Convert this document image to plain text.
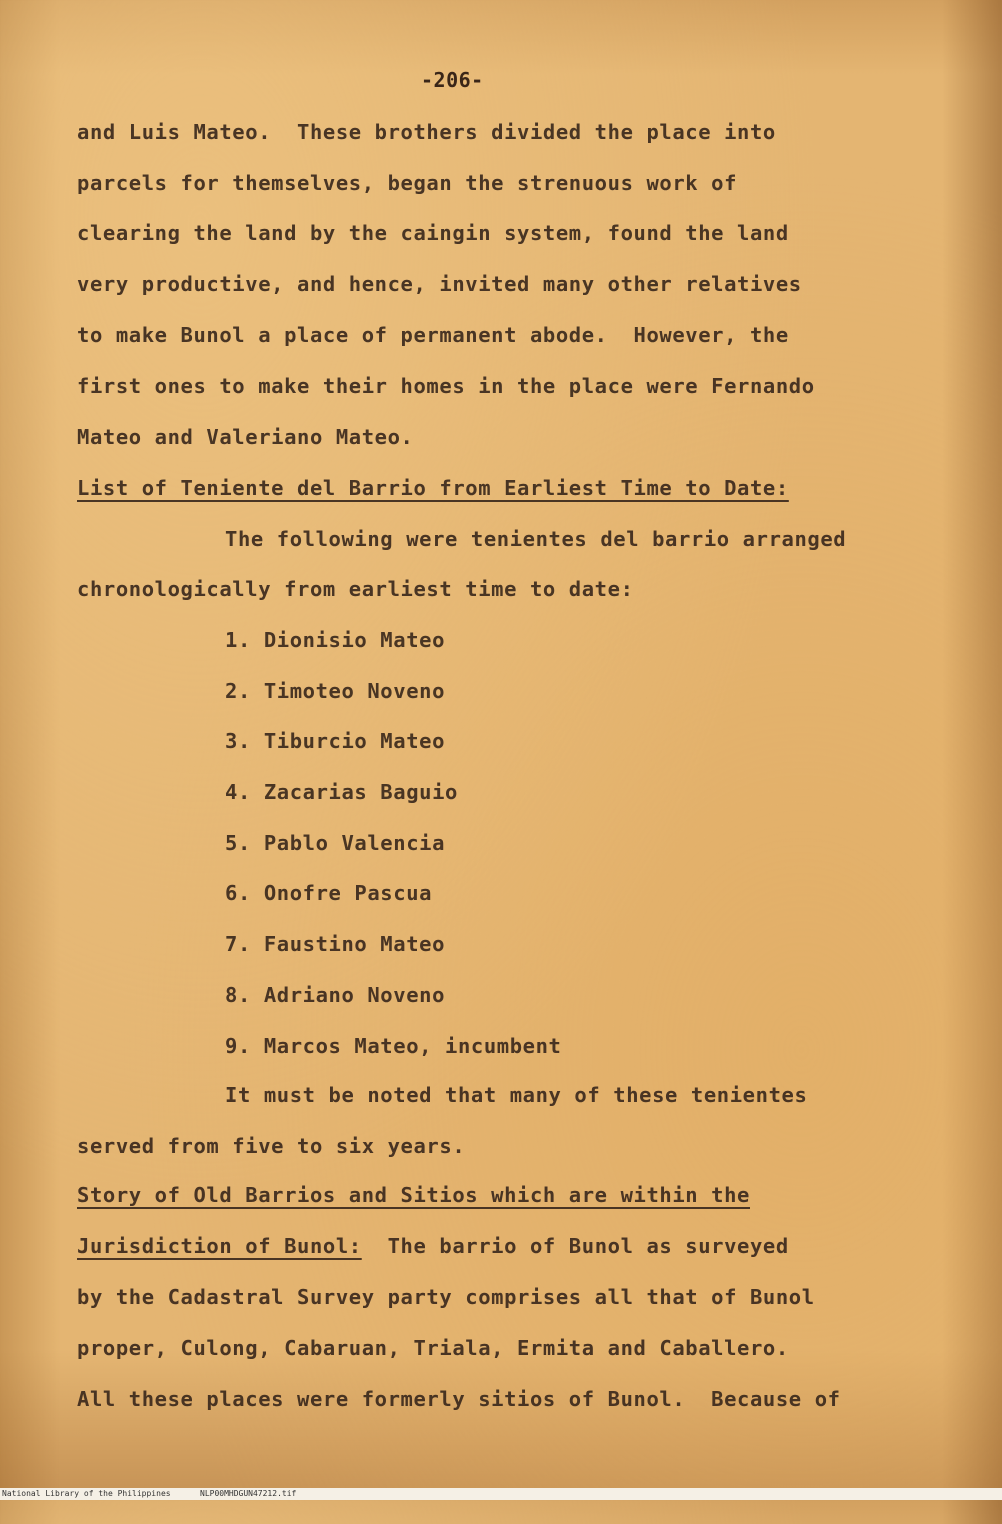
-206-
and Luis Mateo.  These brothers divided the place into
parcels for themselves, began the strenuous work of
clearing the land by the caingin system, found the land
very productive, and hence, invited many other relatives
to make Bunol a place of permanent abode.  However, the
first ones to make their homes in the place were Fernando
Mateo and Valeriano Mateo.
List of Teniente del Barrio from Earliest Time to Date:
The following were tenientes del barrio arranged
chronologically from earliest time to date:
1. Dionisio Mateo
2. Timoteo Noveno
3. Tiburcio Mateo
4. Zacarias Baguio
5. Pablo Valencia
6. Onofre Pascua
7. Faustino Mateo
8. Adriano Noveno
9. Marcos Mateo, incumbent
It must be noted that many of these tenientes
served from five to six years.
Story of Old Barrios and Sitios which are within the
Jurisdiction of Bunol:  The barrio of Bunol as surveyed
by the Cadastral Survey party comprises all that of Bunol
proper, Culong, Cabaruan, Triala, Ermita and Caballero.
All these places were formerly sitios of Bunol.  Because of

National Library of the Philippines

	NLP00MHDGUN47212.tif
